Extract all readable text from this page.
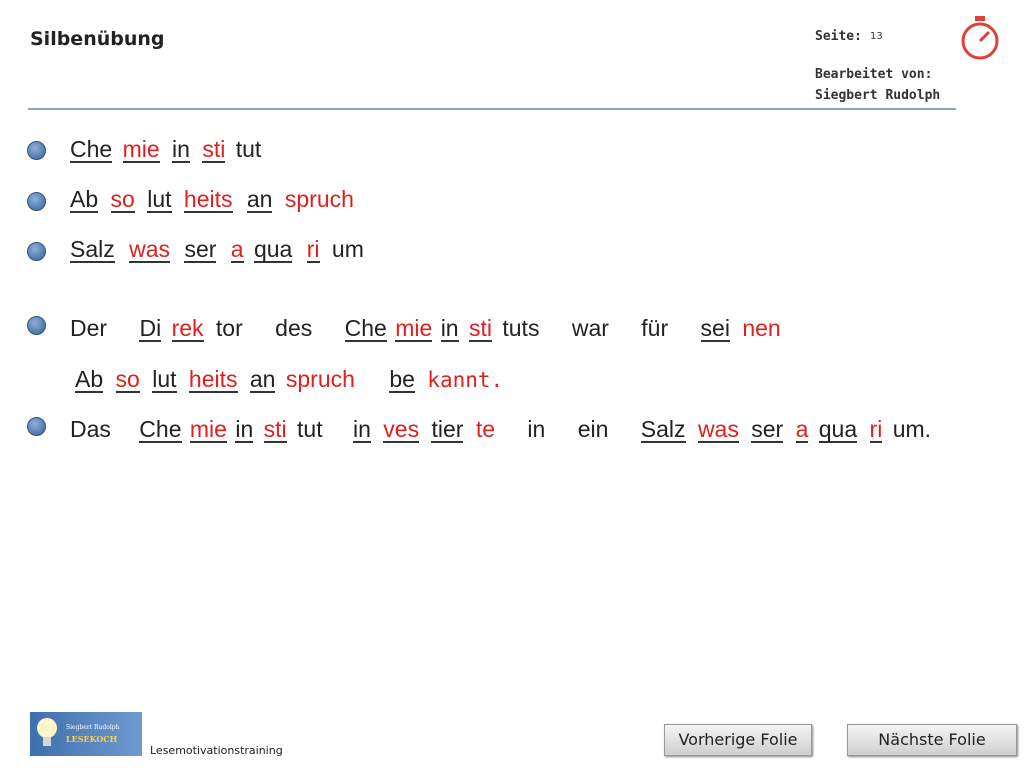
Silbenübung	Seite: 13
Bearbeitet von:
Siegbert Rudolph
Che mie in sti tut
Ab so lut heits an spruch
Salz was ser a qua ri um
Der Di rek tor des Che mie in sti tuts war für sei nen
Ab so lut heits an spruch be kannt.
Das Che mie in sti tut in ves tier te in ein Salz was ser a qua ri um.
Siegbert Rudolph
LESEKOCH
Lesemotivationstraining
Vorherige Folie	Nächste Folie
